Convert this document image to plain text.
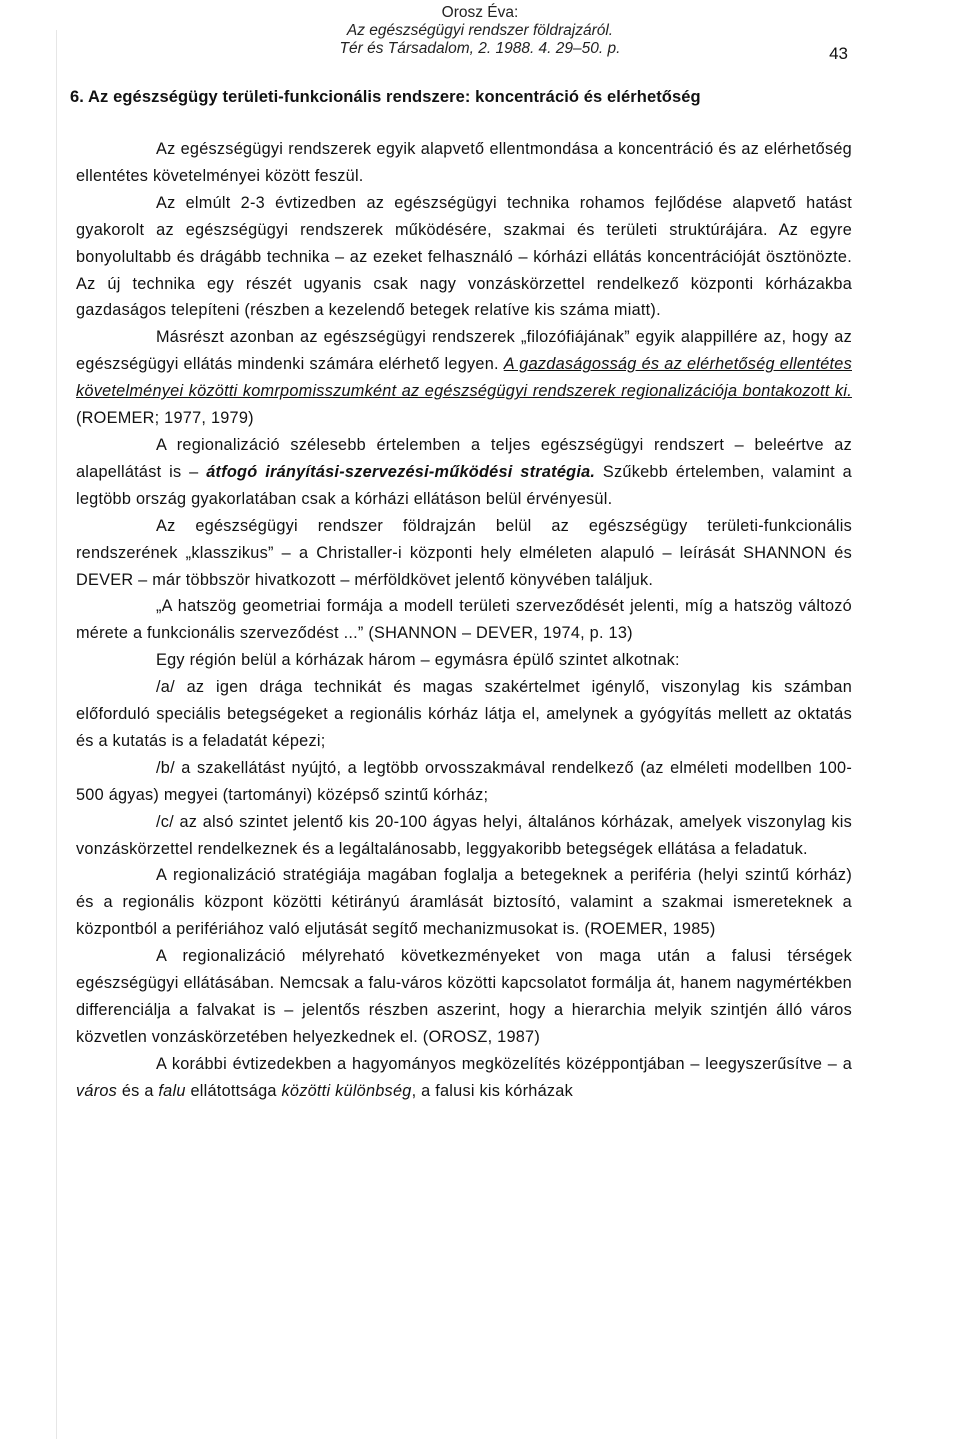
Orosz Éva:
Az egészségügyi rendszer földrajzáról.
Tér és Társadalom, 2. 1988. 4. 29–50. p.	43
6. Az egészségügy területi-funkcionális rendszere: koncentráció és elérhetőség

Az egészségügyi rendszerek egyik alapvető ellentmondása a koncentráció és az elérhetőség ellentétes követelményei között feszül.

Az elmúlt 2-3 évtizedben az egészségügyi technika rohamos fejlődése alapvető hatást gyakorolt az egészségügyi rendszerek működésére, szakmai és területi struktúrájára. Az egyre bonyolultabb és drágább technika – az ezeket felhasználó – kórházi ellátás koncentrációját ösztönözte. Az új technika egy részét ugyanis csak nagy vonzáskörzettel rendelkező központi kórházakba gazdaságos telepíteni (részben a kezelendő betegek relatíve kis száma miatt).

Másrészt azonban az egészségügyi rendszerek „filozófiájának” egyik alappillére az, hogy az egészségügyi ellátás mindenki számára elérhető legyen. A gazdaságosság és az elérhetőség ellentétes követelményei közötti komrpomisszumként az egészségügyi rendszerek regionalizációja bontakozott ki. (ROEMER; 1977, 1979)

A regionalizáció szélesebb értelemben a teljes egészségügyi rendszert – beleértve az alapellátást is – átfogó irányítási-szervezési-működési stratégia. Szűkebb értelemben, valamint a legtöbb ország gyakorlatában csak a kórházi ellátáson belül érvényesül.

Az egészségügyi rendszer földrajzán belül az egészségügy területi-funkcionális rendszerének „klasszikus” – a Christaller-i központi hely elméleten alapuló – leírását SHANNON és DEVER – már többször hivatkozott – mérföldkövet jelentő könyvében találjuk.

„A hatszög geometriai formája a modell területi szerveződését jelenti, míg a hatszög változó mérete a funkcionális szerveződést ...” (SHANNON – DEVER, 1974, p. 13)

Egy régión belül a kórházak három – egymásra épülő szintet alkotnak:

/a/ az igen drága technikát és magas szakértelmet igénylő, viszonylag kis számban előforduló speciális betegségeket a regionális kórház látja el, amelynek a gyógyítás mellett az oktatás és a kutatás is a feladatát képezi;

/b/ a szakellátást nyújtó, a legtöbb orvosszakmával rendelkező (az elméleti modellben 100-500 ágyas) megyei (tartományi) középső szintű kórház;

/c/ az alsó szintet jelentő kis 20-100 ágyas helyi, általános kórházak, amelyek viszonylag kis vonzáskörzettel rendelkeznek és a legáltalánosabb, leggyakoribb betegségek ellátása a feladatuk.

A regionalizáció stratégiája magában foglalja a betegeknek a periféria (helyi szintű kórház) és a regionális központ közötti kétirányú áramlását biztosító, valamint a szakmai ismereteknek a központból a perifériához való eljutását segítő mechanizmusokat is. (ROEMER, 1985)

A regionalizáció mélyreható következményeket von maga után a falusi térségek egészségügyi ellátásában. Nemcsak a falu-város közötti kapcsolatot formálja át, hanem nagymértékben differenciálja a falvakat is – jelentős részben aszerint, hogy a hierarchia melyik szintjén álló város közvetlen vonzáskörzetében helyezkednek el. (OROSZ, 1987)

A korábbi évtizedekben a hagyományos megközelítés középpontjában – leegyszerűsítve – a város és a falu ellátottsága közötti különbség, a falusi kis kórházak
